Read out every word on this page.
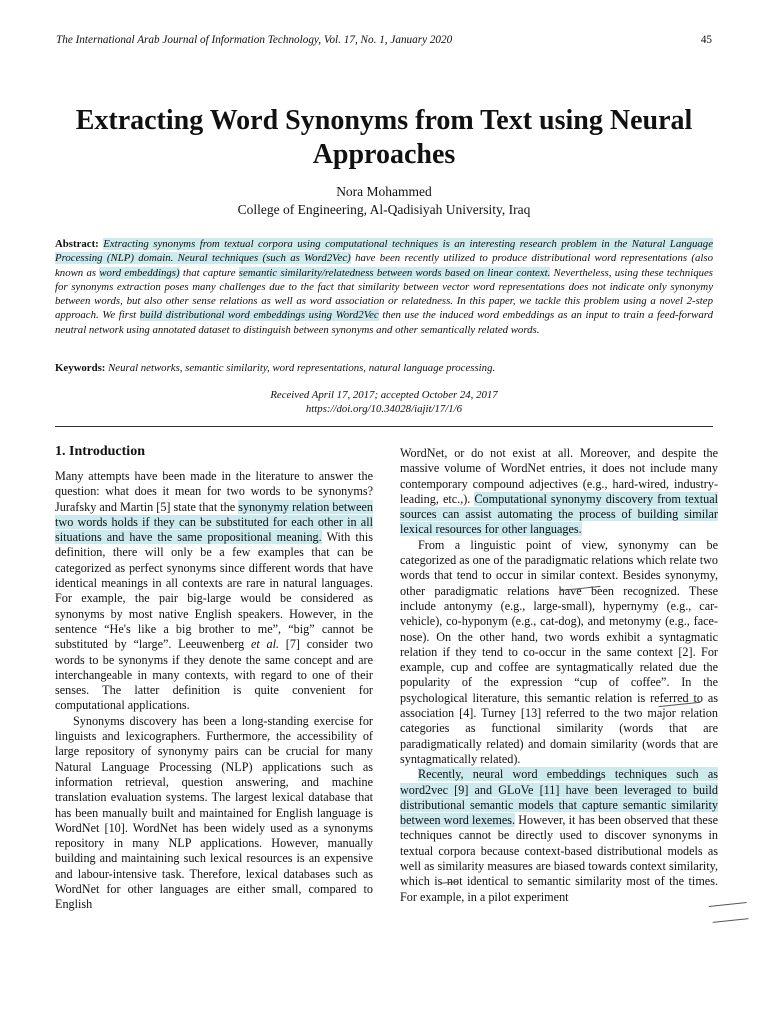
The International Arab Journal of Information Technology, Vol. 17, No. 1, January 2020	45
Extracting Word Synonyms from Text using Neural
Approaches
Nora Mohammed
College of Engineering, Al-Qadisiyah University, Iraq
Abstract: Extracting synonyms from textual corpora using computational techniques is an interesting research problem in the Natural Language Processing (NLP) domain. Neural techniques (such as Word2Vec) have been recently utilized to produce distributional word representations (also known as word embeddings) that capture semantic similarity/relatedness between words based on linear context. Nevertheless, using these techniques for synonyms extraction poses many challenges due to the fact that similarity between vector word representations does not indicate only synonymy between words, but also other sense relations as well as word association or relatedness. In this paper, we tackle this problem using a novel 2-step approach. We first build distributional word embeddings using Word2Vec then use the induced word embeddings as an input to train a feed-forward neutral network using annotated dataset to distinguish between synonyms and other semantically related words.
Keywords: Neural networks, semantic similarity, word representations, natural language processing.
Received April 17, 2017; accepted October 24, 2017
https://doi.org/10.34028/iajit/17/1/6
1. Introduction

Many attempts have been made in the literature to answer the question: what does it mean for two words to be synonyms? Jurafsky and Martin [5] state that the synonymy relation between two words holds if they can be substituted for each other in all situations and have the same propositional meaning. With this definition, there will only be a few examples that can be categorized as perfect synonyms since different words that have identical meanings in all contexts are rare in natural languages. For example, the pair big-large would be considered as synonyms by most native English speakers. However, in the sentence “He's like a big brother to me”, “big” cannot be substituted by “large”. Leeuwenberg et al. [7] consider two words to be synonyms if they denote the same concept and are interchangeable in many contexts, with regard to one of their senses. The latter definition is quite convenient for computational applications.

Synonyms discovery has been a long-standing exercise for linguists and lexicographers. Furthermore, the accessibility of large repository of synonymy pairs can be crucial for many Natural Language Processing (NLP) applications such as information retrieval, question answering, and machine translation evaluation systems. The largest lexical database that has been manually built and maintained for English language is WordNet [10]. WordNet has been widely used as a synonyms repository in many NLP applications. However, manually building and maintaining such lexical resources is an expensive and labour-intensive task. Therefore, lexical databases such as WordNet for other languages are either small, compared to English

WordNet, or do not exist at all. Moreover, and despite the massive volume of WordNet entries, it does not include many contemporary compound adjectives (e.g., hard-wired, industry-leading, etc.,). Computational synonymy discovery from textual sources can assist automating the process of building similar lexical resources for other languages.

From a linguistic point of view, synonymy can be categorized as one of the paradigmatic relations which relate two words that tend to occur in similar context. Besides synonymy, other paradigmatic relations have been recognized. These include antonymy (e.g., large-small), hypernymy (e.g., car-vehicle), co-hyponym (e.g., cat-dog), and metonymy (e.g., face- nose). On the other hand, two words exhibit a syntagmatic relation if they tend to co-occur in the same context [2]. For example, cup and coffee are syntagmatically related due the popularity of the expression “cup of coffee”. In the psychological literature, this semantic relation is referred to as association [4]. Turney [13] referred to the two major relation categories as functional similarity (words that are paradigmatically related) and domain similarity (words that are syntagmatically related).

Recently, neural word embeddings techniques such as word2vec [9] and GLoVe [11] have been leveraged to build distributional semantic models that capture semantic similarity between word lexemes. However, it has been observed that these techniques cannot be directly used to discover synonyms in textual corpora because context-based distributional models as well as similarity measures are biased towards context similarity, which is not identical to semantic similarity most of the times. For example, in a pilot experiment
